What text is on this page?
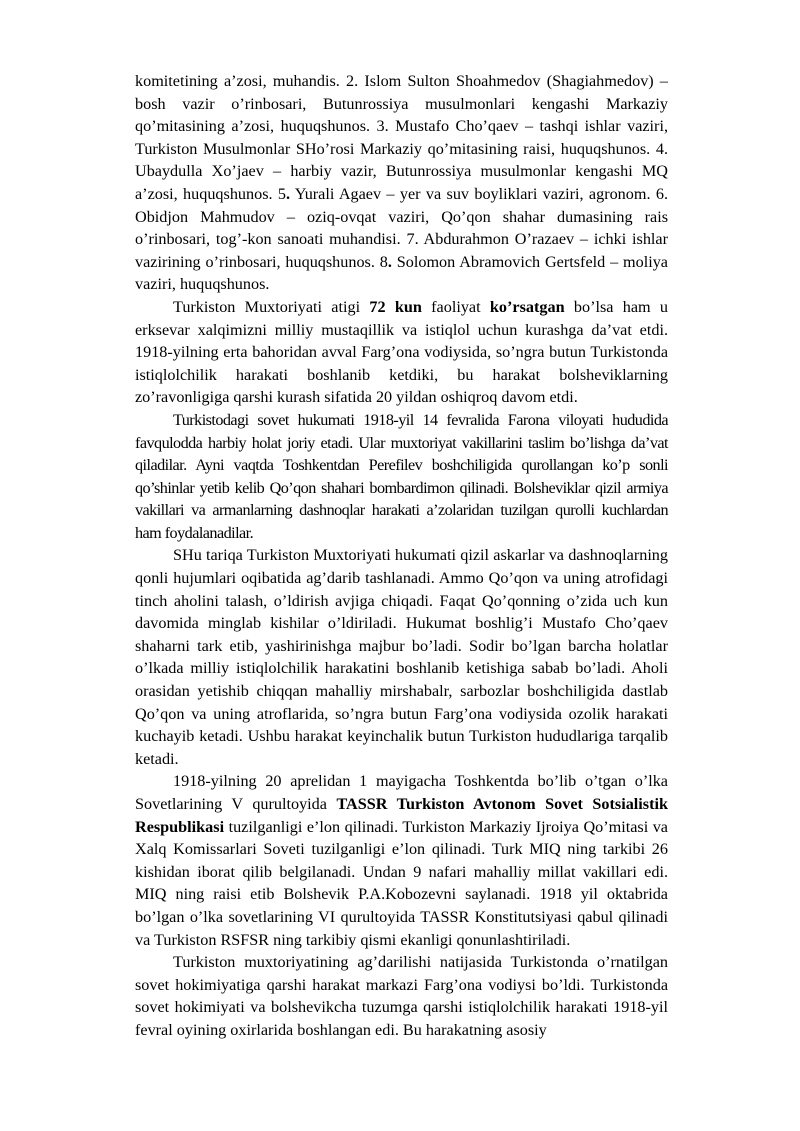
komitetining a’zosi, muhandis. 2. Islom Sulton Shoahmedov (Shagiahmedov) – bosh vazir o’rinbosari, Butunrossiya musulmonlari kengashi Markaziy qo’mitasining a’zosi, huquqshunos. 3. Mustafo Cho’qaev – tashqi ishlar vaziri, Turkiston Musulmonlar SHo’rosi Markaziy qo’mitasining raisi, huquqshunos. 4. Ubaydulla Xo’jaev – harbiy vazir, Butunrossiya musulmonlar kengashi MQ a’zosi, huquqshunos. 5. Yurali Agaev – yer va suv boyliklari vaziri, agronom. 6. Obidjon Mahmudov – oziq-ovqat vaziri, Qo’qon shahar dumasining rais o’rinbosari, tog’-kon sanoati muhandisi. 7. Abdurahmon O’razaev – ichki ishlar vazirining o’rinbosari, huquqshunos. 8. Solomon Abramovich Gertsfeld – moliya vaziri, huquqshunos.

Turkiston Muxtoriyati atigi 72 kun faoliyat ko’rsatgan bo’lsa ham u erksevar xalqimizni milliy mustaqillik va istiqlol uchun kurashga da’vat etdi. 1918-yilning erta bahoridan avval Farg’ona vodiysida, so’ngra butun Turkistonda istiqlolchilik harakati boshlanib ketdiki, bu harakat bolsheviklarning zo’ravonligiga qarshi kurash sifatida 20 yildan oshiqroq davom etdi.

Turkistodagi sovet hukumati 1918-yil 14 fevralida Farona viloyati hududida favqulodda harbiy holat joriy etadi. Ular muxtoriyat vakillarini taslim bo’lishga da’vat qiladilar. Ayni vaqtda Toshkentdan Perefilev boshchiligida qurollangan ko’p sonli qo’shinlar yetib kelib Qo’qon shahari bombardimon qilinadi. Bolsheviklar qizil armiya vakillari va armanlarning dashnoqlar harakati a’zolaridan tuzilgan qurolli kuchlardan ham foydalanadilar.

SHu tariqa Turkiston Muxtoriyati hukumati qizil askarlar va dashnoqlarning qonli hujumlari oqibatida ag’darib tashlanadi. Ammo Qo’qon va uning atrofidagi tinch aholini talash, o’ldirish avjiga chiqadi. Faqat Qo’qonning o’zida uch kun davomida minglab kishilar o’ldiriladi. Hukumat boshlig’i Mustafo Cho’qaev shaharni tark etib, yashirinishga majbur bo’ladi. Sodir bo’lgan barcha holatlar o’lkada milliy istiqlolchilik harakatini boshlanib ketishiga sabab bo’ladi. Aholi orasidan yetishib chiqqan mahalliy mirshabalr, sarbozlar boshchiligida dastlab Qo’qon va uning atroflarida, so’ngra butun Farg’ona vodiysida ozolik harakati kuchayib ketadi. Ushbu harakat keyinchalik butun Turkiston hududlariga tarqalib ketadi.

1918-yilning 20 aprelidan 1 mayigacha Toshkentda bo’lib o’tgan o’lka Sovetlarining V qurultoyida TASSR Turkiston Avtonom Sovet Sotsialistik Respublikasi tuzilganligi e’lon qilinadi. Turkiston Markaziy Ijroiya Qo’mitasi va Xalq Komissarlari Soveti tuzilganligi e’lon qilinadi. Turk MIQ ning tarkibi 26 kishidan iborat qilib belgilanadi. Undan 9 nafari mahalliy millat vakillari edi. MIQ ning raisi etib Bolshevik P.A.Kobozevni saylanadi. 1918 yil oktabrida bo’lgan o’lka sovetlarining VI qurultoyida TASSR Konstitutsiyasi qabul qilinadi va Turkiston RSFSR ning tarkibiy qismi ekanligi qonunlashtiriladi.

Turkiston muxtoriyatining ag’darilishi natijasida Turkistonda o’rnatilgan sovet hokimiyatiga qarshi harakat markazi Farg’ona vodiysi bo’ldi. Turkistonda sovet hokimiyati va bolshevikcha tuzumga qarshi istiqlolchilik harakati 1918-yil fevral oyining oxirlarida boshlangan edi. Bu harakatning asosiy
